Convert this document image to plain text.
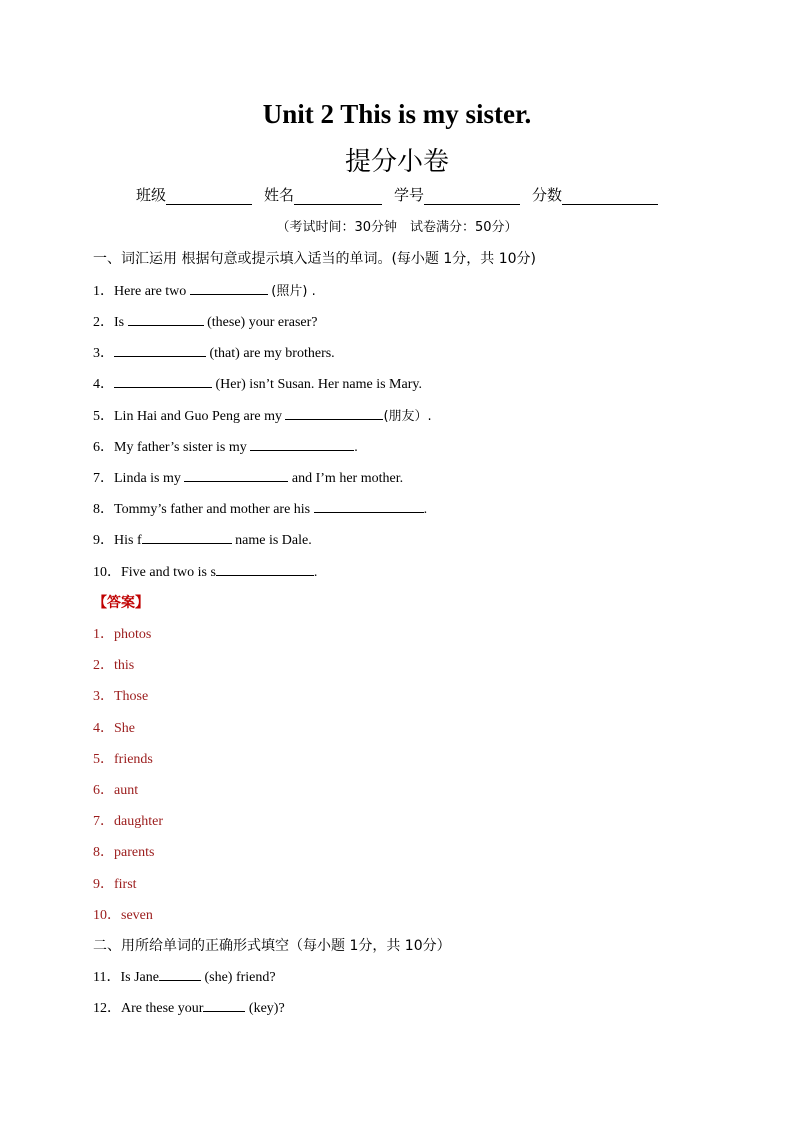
Unit 2 This is my sister.
提分小卷
班级	姓名	学号	分数
（考试时间：30分钟　试卷满分：50分）
一、词汇运用 根据句意或提示填入适当的单词。(每小题 1分，共 10分)
1．Here are two	(照片) .
2．Is	(these) your eraser?
3．	(that) are my brothers.
4．	(Her) isn’t Susan. Her name is Mary.
5．Lin Hai and Guo Peng are my	(朋友）.
6．My father’s sister is my	.
7．Linda is my	and I’m her mother.
8．Tommy’s father and mother are his	.
9．His f	name is Dale.
10．Five and two is s	.
【答案】
1．photos
2．this
3．Those
4．She
5．friends
6．aunt
7．daughter
8．parents
9．first
10．seven
二、用所给单词的正确形式填空（每小题 1分，共 10分）
11．Is Jane	(she) friend?
12．Are these your	(key)?
